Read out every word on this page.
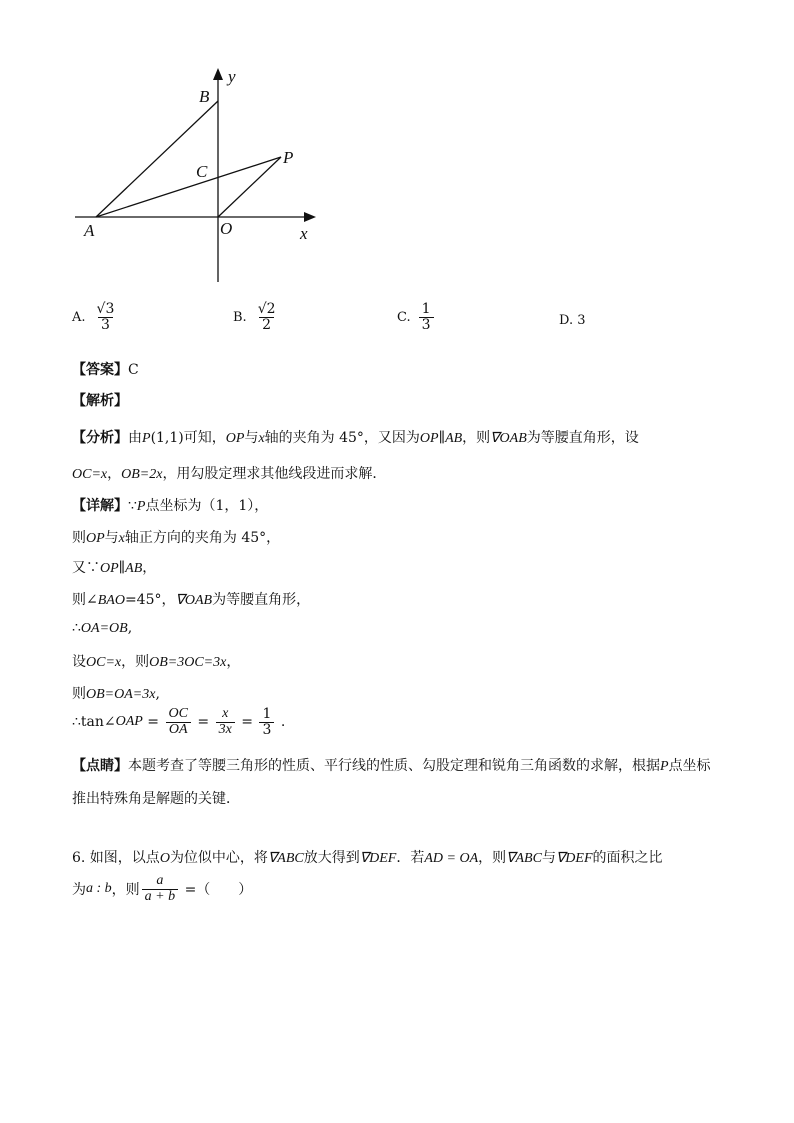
y
B
P
C
A	O	x
A. $\frac{√3}{3}$	B. $\frac{√2}{2}$	C. $\frac{1}{3}$	D. 3
【答案】C
【解析】
【分析】由P(1,1)可知，OP与x轴的夹角为 45°，又因为OP∥AB，则∇OAB为等腰直角形，设
OC=x，OB=2x，用勾股定理求其他线段进而求解．
【详解】∵P点坐标为（1，1），
则OP与x轴正方向的夹角为 45°，
又∵OP∥AB，
则∠BAO=45°，∇OAB为等腰直角形，
∴OA=OB,
设OC=x，则OB=3OC=3x，
则OB=OA=3x,
∴tan∠ OAP = $\frac{OC}{OA} = \frac{x}{3x} = \frac{1}{3}$ .
【点睛】本题考查了等腰三角形的性质、平行线的性质、勾股定理和锐角三角函数的求解，根据P点坐标
推出特殊角是解题的关键．
6. 如图，以点O为位似中心，将∇ABC放大得到∇DEF．若AD = OA，则∇ABC与∇DEF的面积之比
为 a : b ，则 $\frac{a}{a + b}$ =（　　）
